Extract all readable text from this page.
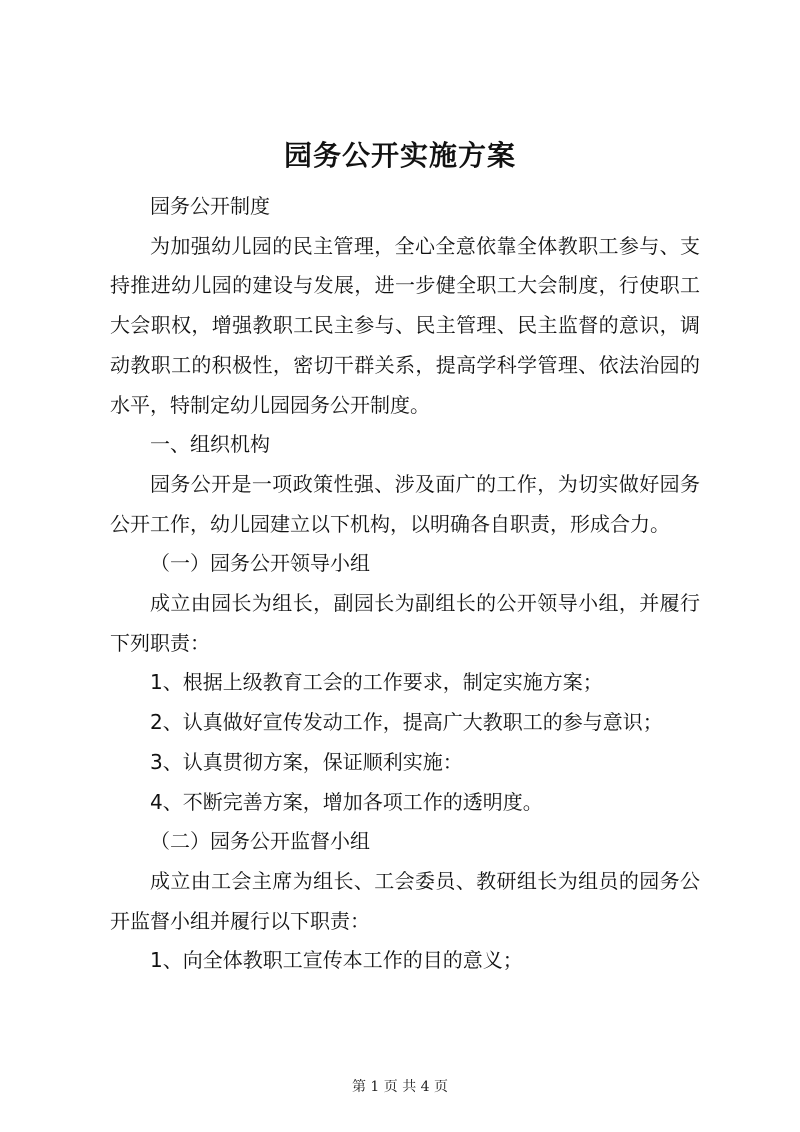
园务公开实施方案

园务公开制度

为加强幼儿园的民主管理，全心全意依靠全体教职工参与、支持推进幼儿园的建设与发展，进一步健全职工大会制度，行使职工大会职权，增强教职工民主参与、民主管理、民主监督的意识，调动教职工的积极性，密切干群关系，提高学科学管理、依法治园的水平，特制定幼儿园园务公开制度。

一、组织机构

园务公开是一项政策性强、涉及面广的工作，为切实做好园务公开工作，幼儿园建立以下机构，以明确各自职责，形成合力。

（一）园务公开领导小组

成立由园长为组长，副园长为副组长的公开领导小组，并履行下列职责：

1、根据上级教育工会的工作要求，制定实施方案；

2、认真做好宣传发动工作，提高广大教职工的参与意识；

3、认真贯彻方案，保证顺利实施：

4、不断完善方案，增加各项工作的透明度。

（二）园务公开监督小组

成立由工会主席为组长、工会委员、教研组长为组员的园务公开监督小组并履行以下职责：

1、向全体教职工宣传本工作的目的意义；

第 1 页 共 4 页
